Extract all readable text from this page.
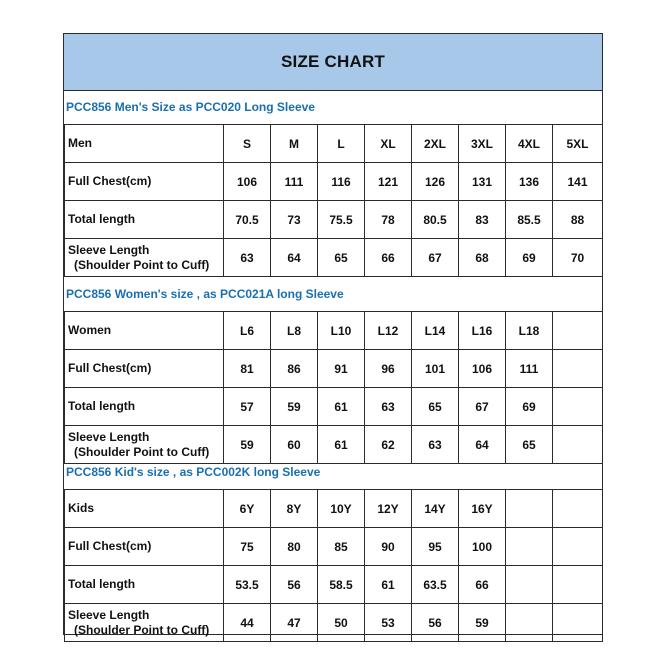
SIZE CHART
PCC856 Men's Size as PCC020 Long Sleeve
Men	S	M	L	XL	2XL	3XL	4XL	5XL

Full Chest(cm)	106	111	116	121	126	131	136	141

Total length	70.5	73	75.5	78	80.5	83	85.5	88

Sleeve Length
(Shoulder Point to Cuff)	63	64	65	66	67	68	69	70
PCC856 Women's size , as PCC021A long Sleeve
Women	L6	L8	L10	L12	L14	L16	L18	

Full Chest(cm)	81	86	91	96	101	106	111	

Total length	57	59	61	63	65	67	69	

Sleeve Length
(Shoulder Point to Cuff)	59	60	61	62	63	64	65	
PCC856 Kid's size , as PCC002K long Sleeve
Kids	6Y	8Y	10Y	12Y	14Y	16Y		

Full Chest(cm)	75	80	85	90	95	100		

Total length	53.5	56	58.5	61	63.5	66		

Sleeve Length
(Shoulder Point to Cuff)	44	47	50	53	56	59		
